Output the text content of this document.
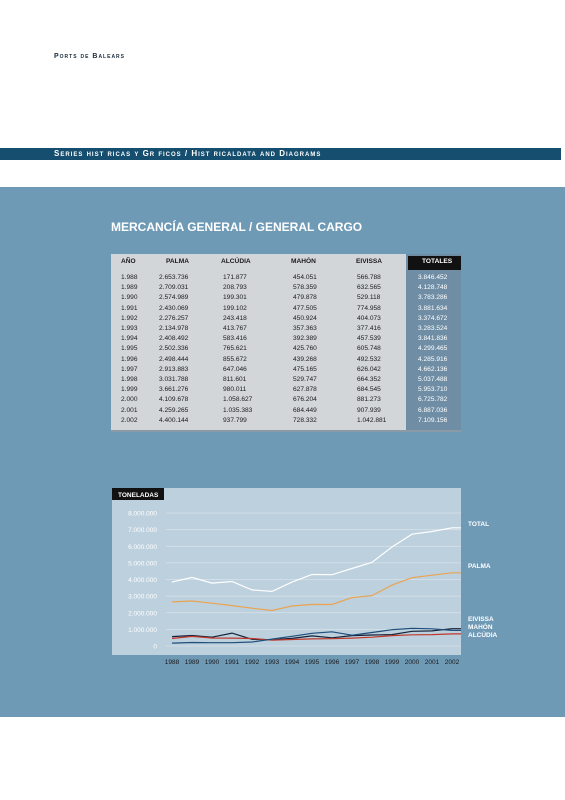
Ports de Balears
Series hist ricas y Gr ficos / Hist ricaldata and Diagrams
MERCANCÍA GENERAL / GENERAL CARGO
AÑO	PALMA	ALCÚDIA	MAHÓN	EIVISSA	TOTALES
1.988	2.653.736	171.877	454.051	566.788	3.846.452
1.989	2.709.031	208.793	578.359	632.565	4.128.748
1.990	2.574.989	199.301	479.878	529.118	3.783.286
1.991	2.430.069	199.102	477.505	774.958	3.881.634
1.992	2.276.257	243.418	450.924	404.073	3.374.672
1.993	2.134.978	413.767	357.363	377.416	3.283.524
1.994	2.408.492	583.416	392.389	457.539	3.841.836
1.995	2.502.336	765.621	425.760	605.748	4.299.465
1.996	2.498.444	855.672	439.268	492.532	4.285.916
1.997	2.913.883	647.046	475.165	626.042	4.662.136
1.998	3.031.788	811.601	529.747	664.352	5.037.488
1.999	3.661.276	980.011	627.878	684.545	5.953.710
2.000	4.109.678	1.058.627	676.204	881.273	6.725.782
2.001	4.259.265	1.035.383	684.449	907.939	6.887.036
2.002	4.400.144	937.799	728.332	1.042.881	7.109.156
TONELADAS
8.000.000
7.000.000
6.000.000
5.000.000
4.000.000
3.000.000
2.000.000
1.000.000
0
1988 1989 1990 1991 1992 1993 1994 1995 1996 1997 1998 1999 2000 2001 2002
TOTAL
PALMA
EIVISSA
MAHÓN
ALCÚDIA
